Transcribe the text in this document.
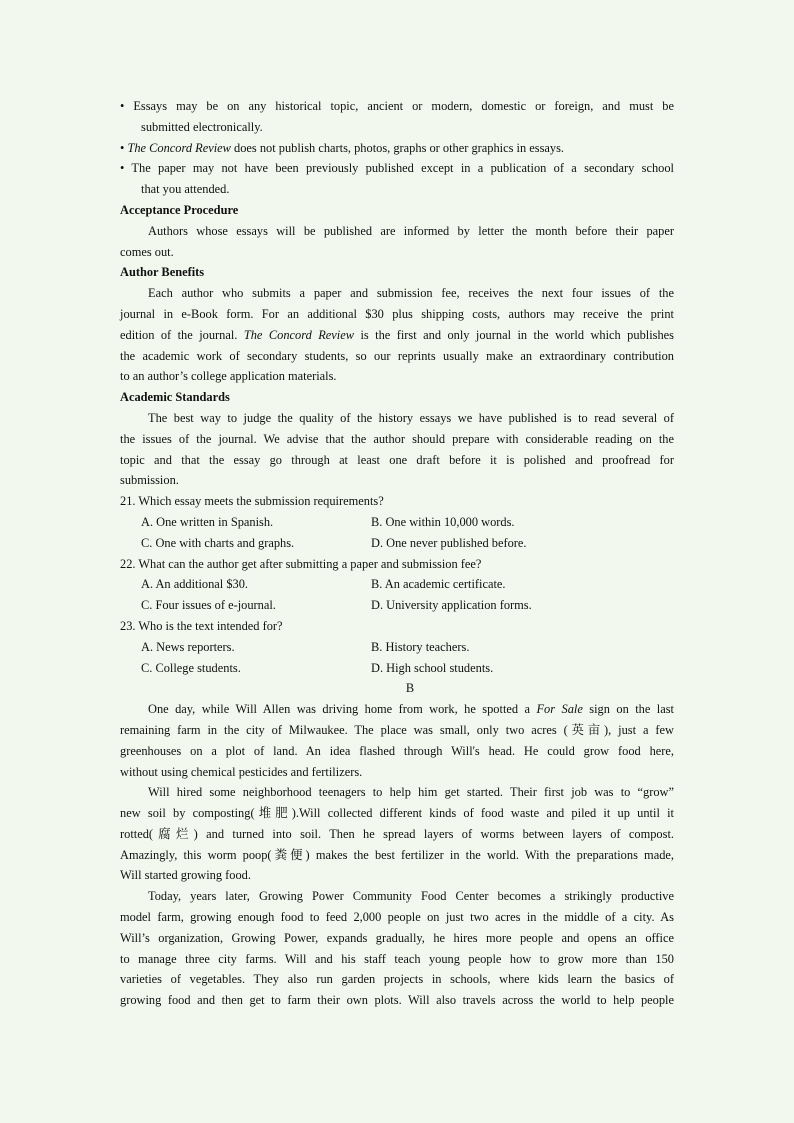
• Essays may be on any historical topic, ancient or modern, domestic or foreign, and must be
submitted electronically.
• The Concord Review does not publish charts, photos, graphs or other graphics in essays.
• The paper may not have been previously published except in a publication of a secondary school
that you attended.
Acceptance Procedure
Authors whose essays will be published are informed by letter the month before their paper
comes out.
Author Benefits
Each author who submits a paper and submission fee, receives the next four issues of the
journal in e-Book form. For an additional $30 plus shipping costs, authors may receive the print
edition of the journal. The Concord Review is the first and only journal in the world which publishes
the academic work of secondary students, so our reprints usually make an extraordinary contribution
to an author’s college application materials.
Academic Standards
The best way to judge the quality of the history essays we have published is to read several of
the issues of the journal. We advise that the author should prepare with considerable reading on the
topic and that the essay go through at least one draft before it is polished and proofread for
submission.
21. Which essay meets the submission requirements?
A. One written in Spanish.	B. One within 10,000 words.
C. One with charts and graphs.	D. One never published before.
22. What can the author get after submitting a paper and submission fee?
A. An additional $30.	B. An academic certificate.
C. Four issues of e-journal.	D. University application forms.
23. Who is the text intended for?
A. News reporters.	B. History teachers.
C. College students.	D. High school students.
B
One day, while Will Allen was driving home from work, he spotted a For Sale sign on the last
remaining farm in the city of Milwaukee. The place was small, only two acres (英亩), just a few
greenhouses on a plot of land. An idea flashed through Will's head. He could grow food here,
without using chemical pesticides and fertilizers.
Will hired some neighborhood teenagers to help him get started. Their first job was to “grow”
new soil by composting(堆肥).Will collected different kinds of food waste and piled it up until it
rotted(腐烂) and turned into soil. Then he spread layers of worms between layers of compost.
Amazingly, this worm poop(粪便) makes the best fertilizer in the world. With the preparations made,
Will started growing food.
Today, years later, Growing Power Community Food Center becomes a strikingly productive
model farm, growing enough food to feed 2,000 people on just two acres in the middle of a city. As
Will’s organization, Growing Power, expands gradually, he hires more people and opens an office
to manage three city farms. Will and his staff teach young people how to grow more than 150
varieties of vegetables. They also run garden projects in schools, where kids learn the basics of
growing food and then get to farm their own plots. Will also travels across the world to help people
